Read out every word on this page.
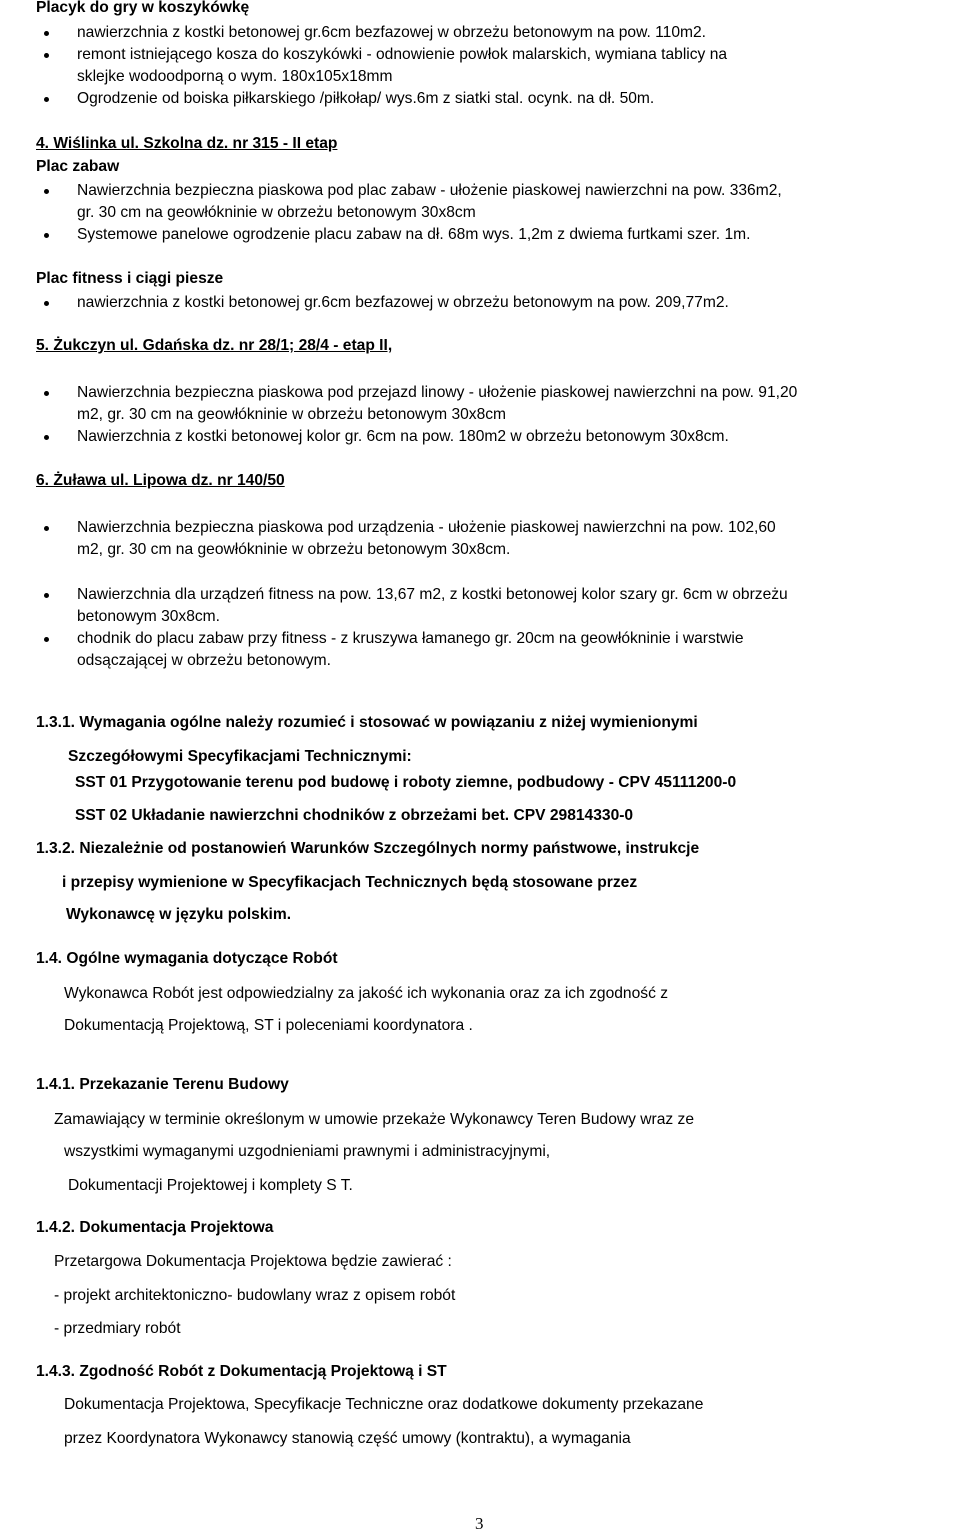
Placyk do gry w koszykówkę
nawierzchnia z kostki betonowej gr.6cm bezfazowej w obrzeżu betonowym na pow. 110m2.
remont istniejącego kosza do koszykówki - odnowienie powłok malarskich, wymiana tablicy na
sklejke wodoodporną o wym. 180x105x18mm
Ogrodzenie od boiska piłkarskiego /piłkołap/ wys.6m z siatki stal. ocynk. na dł. 50m.
4. Wiślinka ul. Szkolna dz. nr 315 - II etap
Plac zabaw
Nawierzchnia bezpieczna piaskowa pod plac zabaw - ułożenie piaskowej nawierzchni na pow. 336m2,
gr. 30 cm na geowłókninie w obrzeżu betonowym 30x8cm
Systemowe panelowe ogrodzenie placu zabaw na dł. 68m wys. 1,2m z dwiema furtkami szer. 1m.
Plac fitness i ciągi piesze
nawierzchnia z kostki betonowej gr.6cm bezfazowej w obrzeżu betonowym na pow. 209,77m2.
5. Żukczyn ul. Gdańska dz. nr 28/1; 28/4 - etap II,
Nawierzchnia bezpieczna piaskowa pod przejazd linowy - ułożenie piaskowej nawierzchni na pow. 91,20
m2, gr. 30 cm na geowłókninie w obrzeżu betonowym 30x8cm
Nawierzchnia z kostki betonowej kolor gr. 6cm na pow. 180m2 w obrzeżu betonowym 30x8cm.
6. Żuława ul. Lipowa dz. nr 140/50
Nawierzchnia bezpieczna piaskowa pod urządzenia - ułożenie piaskowej nawierzchni na pow. 102,60
m2, gr. 30 cm na geowłókninie w obrzeżu betonowym 30x8cm.
Nawierzchnia dla urządzeń fitness na pow. 13,67 m2, z kostki betonowej kolor szary gr. 6cm w obrzeżu
betonowym 30x8cm.
chodnik do placu zabaw przy fitness - z kruszywa łamanego gr. 20cm na geowłókninie i warstwie
odsączającej w obrzeżu betonowym.
1.3.1. Wymagania ogólne należy rozumieć i stosować w powiązaniu z niżej wymienionymi
Szczegółowymi Specyfikacjami Technicznymi:
SST 01 Przygotowanie terenu pod budowę i roboty ziemne, podbudowy - CPV 45111200-0
SST 02 Układanie nawierzchni chodników z obrzeżami bet. CPV 29814330-0
1.3.2. Niezależnie od postanowień Warunków Szczególnych normy państwowe, instrukcje
i przepisy wymienione w Specyfikacjach Technicznych będą stosowane przez
Wykonawcę w języku polskim.
1.4. Ogólne wymagania dotyczące Robót
Wykonawca Robót jest odpowiedzialny za jakość ich wykonania oraz za ich zgodność z
Dokumentacją Projektową, ST i poleceniami koordynatora .
1.4.1. Przekazanie Terenu Budowy
Zamawiający w terminie określonym w umowie przekaże Wykonawcy Teren Budowy wraz ze
wszystkimi wymaganymi uzgodnieniami prawnymi i administracyjnymi,
Dokumentacji Projektowej i komplety S T.
1.4.2. Dokumentacja Projektowa
Przetargowa Dokumentacja Projektowa będzie zawierać :
- projekt architektoniczno- budowlany wraz z opisem robót
- przedmiary robót
1.4.3. Zgodność Robót z Dokumentacją Projektową i ST
Dokumentacja Projektowa, Specyfikacje Techniczne oraz dodatkowe dokumenty przekazane
przez Koordynatora Wykonawcy stanowią część umowy (kontraktu), a wymagania
3
